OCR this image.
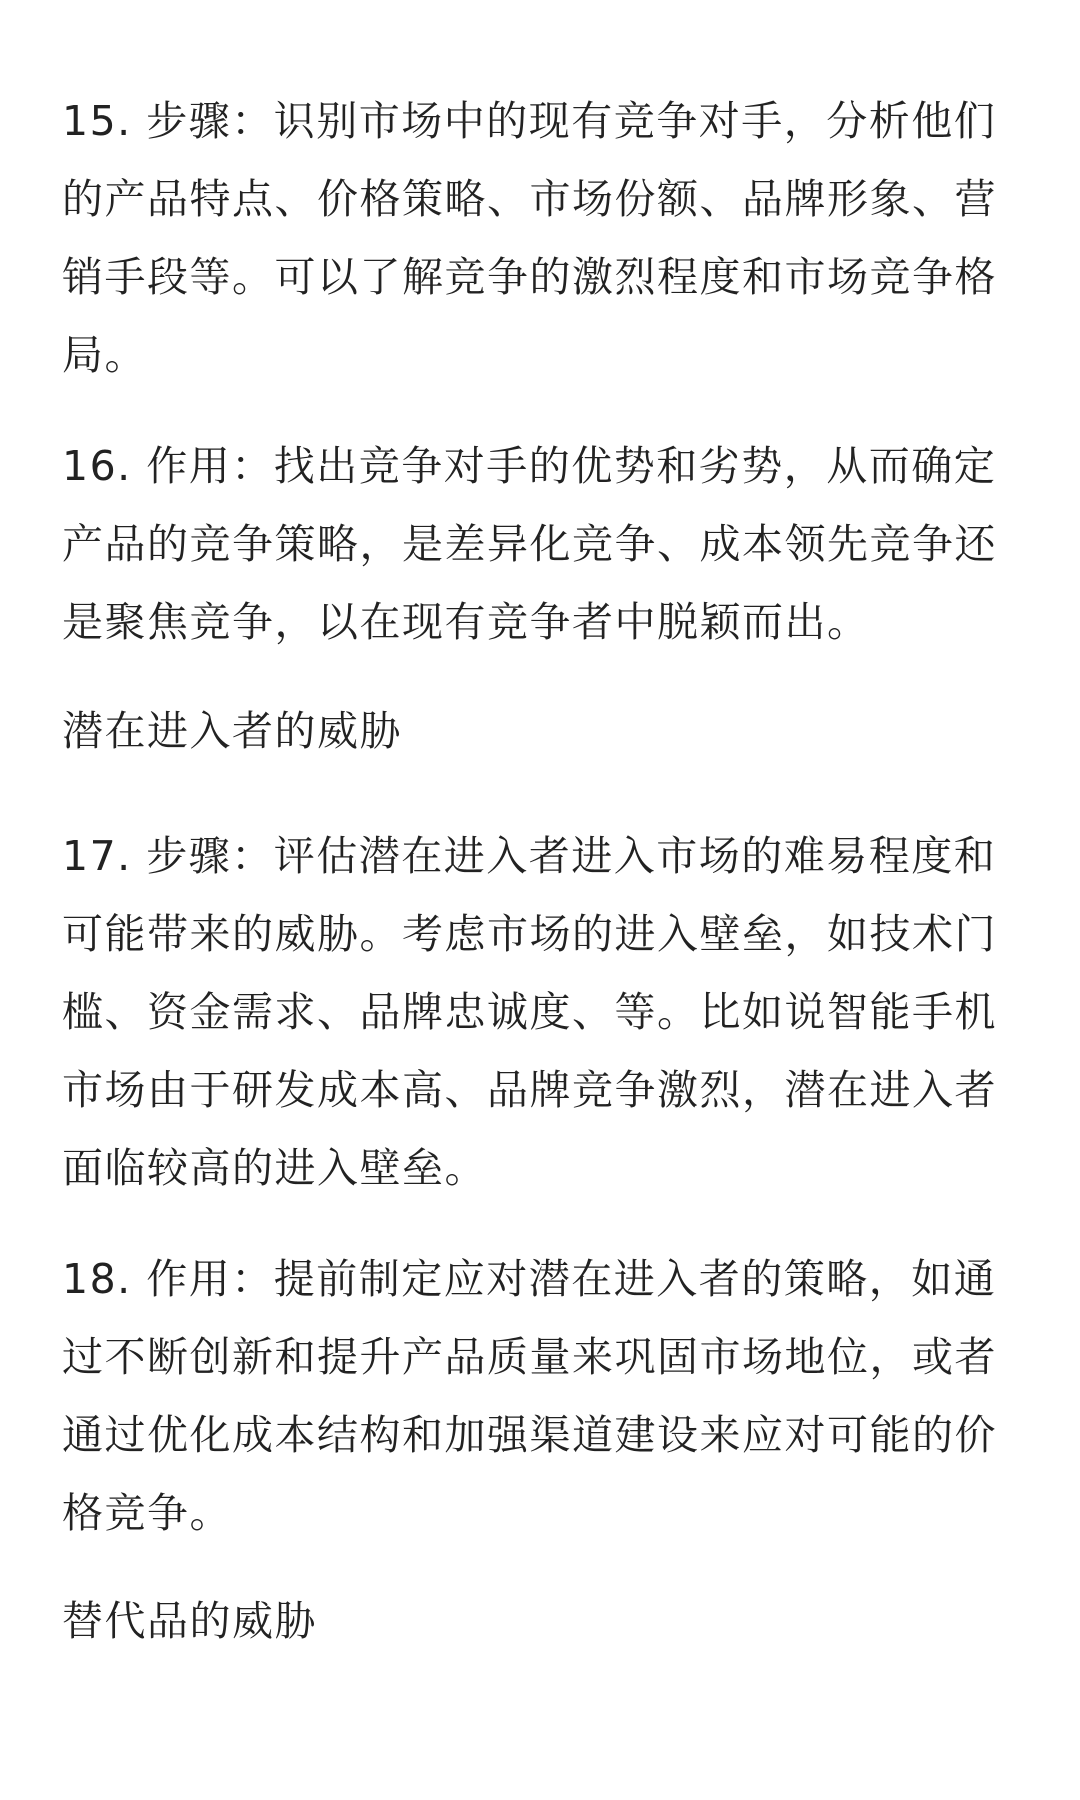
15. 步骤：识别市场中的现有竞争对手，分析他们
的产品特点、价格策略、市场份额、品牌形象、营
销手段等。可以了解竞争的激烈程度和市场竞争格
局。
16. 作用：找出竞争对手的优势和劣势，从而确定
产品的竞争策略，是差异化竞争、成本领先竞争还
是聚焦竞争，以在现有竞争者中脱颖而出。
潜在进入者的威胁
17. 步骤：评估潜在进入者进入市场的难易程度和
可能带来的威胁。考虑市场的进入壁垒，如技术门
槛、资金需求、品牌忠诚度、等。比如说智能手机
市场由于研发成本高、品牌竞争激烈，潜在进入者
面临较高的进入壁垒。
18. 作用：提前制定应对潜在进入者的策略，如通
过不断创新和提升产品质量来巩固市场地位，或者
通过优化成本结构和加强渠道建设来应对可能的价
格竞争。
替代品的威胁
